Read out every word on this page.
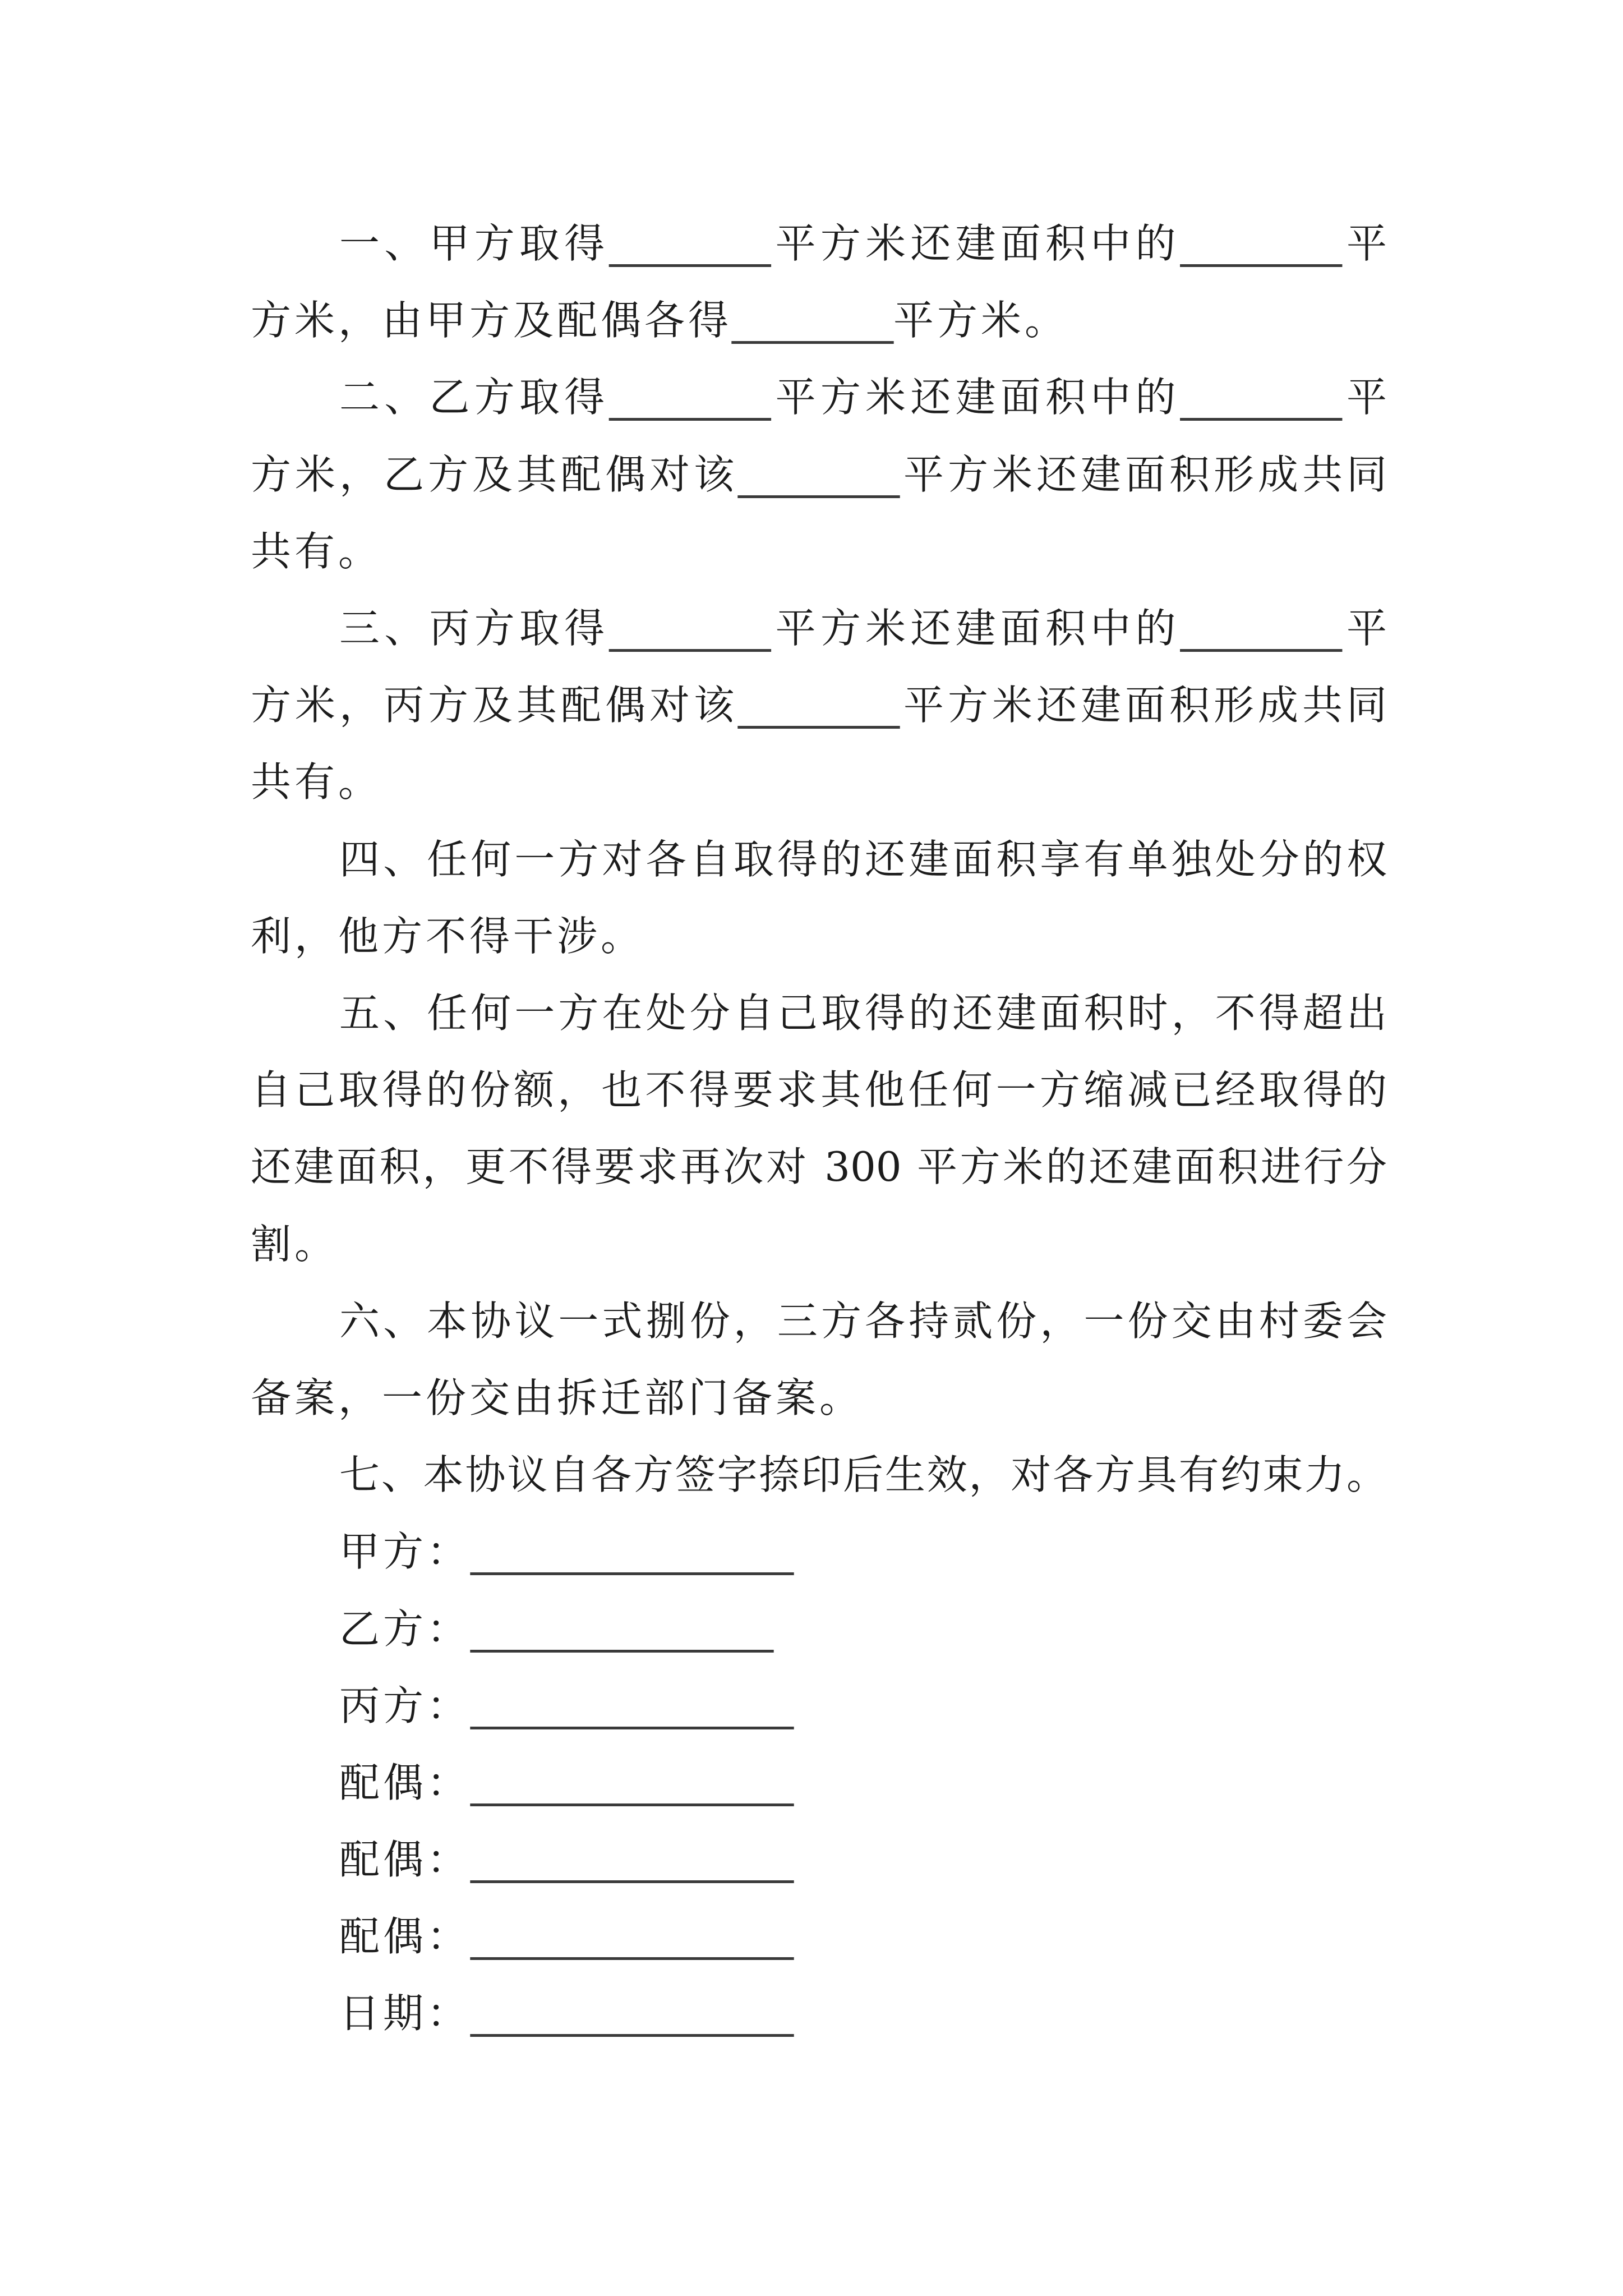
一、甲方取得________平方米还建面积中的________平
方米，由甲方及配偶各得________平方米。
二、乙方取得________平方米还建面积中的________平
方米，乙方及其配偶对该________平方米还建面积形成共同
共有。
三、丙方取得________平方米还建面积中的________平
方米，丙方及其配偶对该________平方米还建面积形成共同
共有。
四、任何一方对各自取得的还建面积享有单独处分的权
利，他方不得干涉。
五、任何一方在处分自己取得的还建面积时，不得超出
自己取得的份额，也不得要求其他任何一方缩减已经取得的
还建面积，更不得要求再次对 300 平方米的还建面积进行分
割。
六、本协议一式捌份，三方各持贰份，一份交由村委会
备案，一份交由拆迁部门备案。
七、本协议自各方签字捺印后生效，对各方具有约束力。
甲方：________________
乙方：_______________
丙方：________________
配偶：________________
配偶：________________
配偶：________________
日期：________________
